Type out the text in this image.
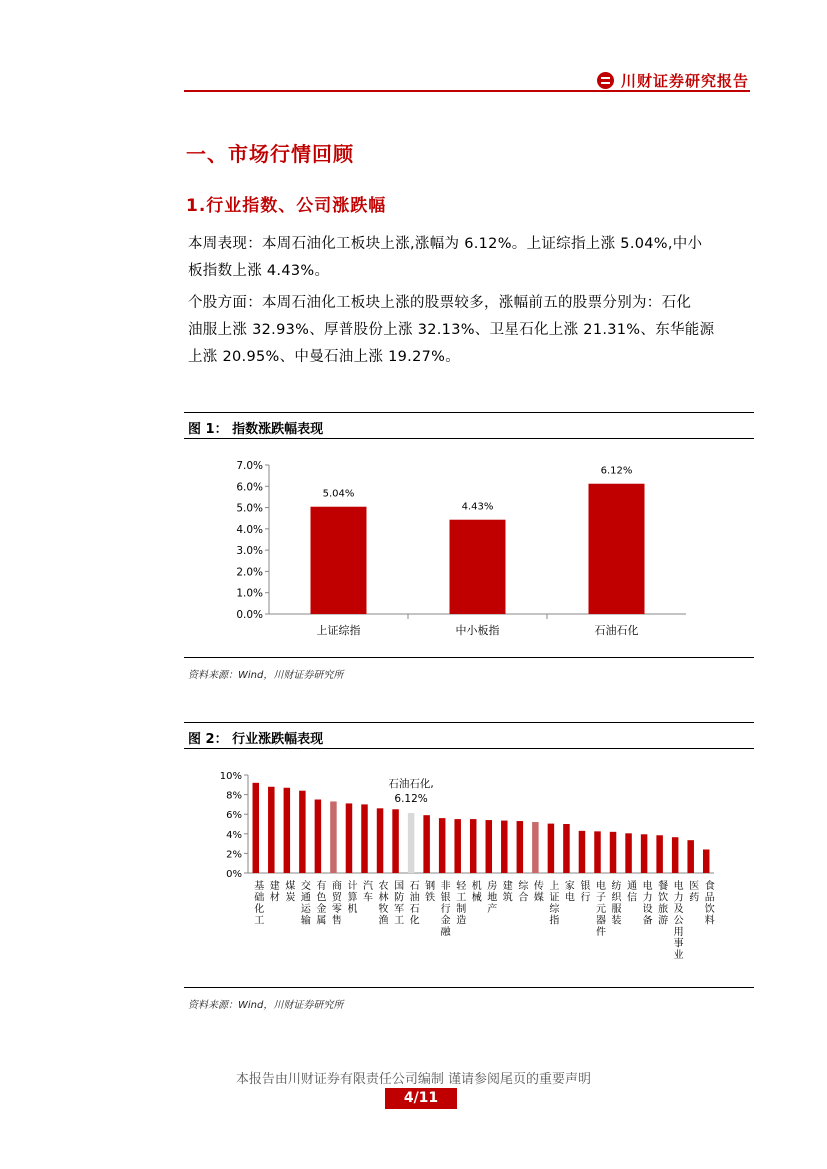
川财证券研究报告
一、市场行情回顾
1.行业指数、公司涨跌幅
本周表现：本周石油化工板块上涨,涨幅为 6.12%。上证综指上涨 5.04%,中小
板指数上涨 4.43%。
个股方面：本周石油化工板块上涨的股票较多，涨幅前五的股票分别为：石化
油服上涨 32.93%、厚普股份上涨 32.13%、卫星石化上涨 21.31%、东华能源
上涨 20.95%、中曼石油上涨 19.27%。
图 1： 指数涨跌幅表现
0.0%
1.0%
2.0%
3.0%
4.0%
5.0%
6.0%
7.0%
5.04%
上证综指
4.43%
中小板指
6.12%
石油石化
资料来源：Wind，川财证券研究所
图 2： 行业涨跌幅表现
0%
2%
4%
6%
8%
10%
基础化工
建材
煤炭
交通运输
有色金属
商贸零售
计算机
汽车
农林牧渔
国防军工
石油石化
石油石化,
6.12%
钢铁
非银行金融
轻工制造
机械
房地产
建筑
综合
传媒
上证综指
家电
银行
电子元器件
纺织服装
通信
电力设备
餐饮旅游
电力及公用事业
医药
食品饮料
资料来源：Wind，川财证券研究所
本报告由川财证券有限责任公司编制 谨请参阅尾页的重要声明
4/11
